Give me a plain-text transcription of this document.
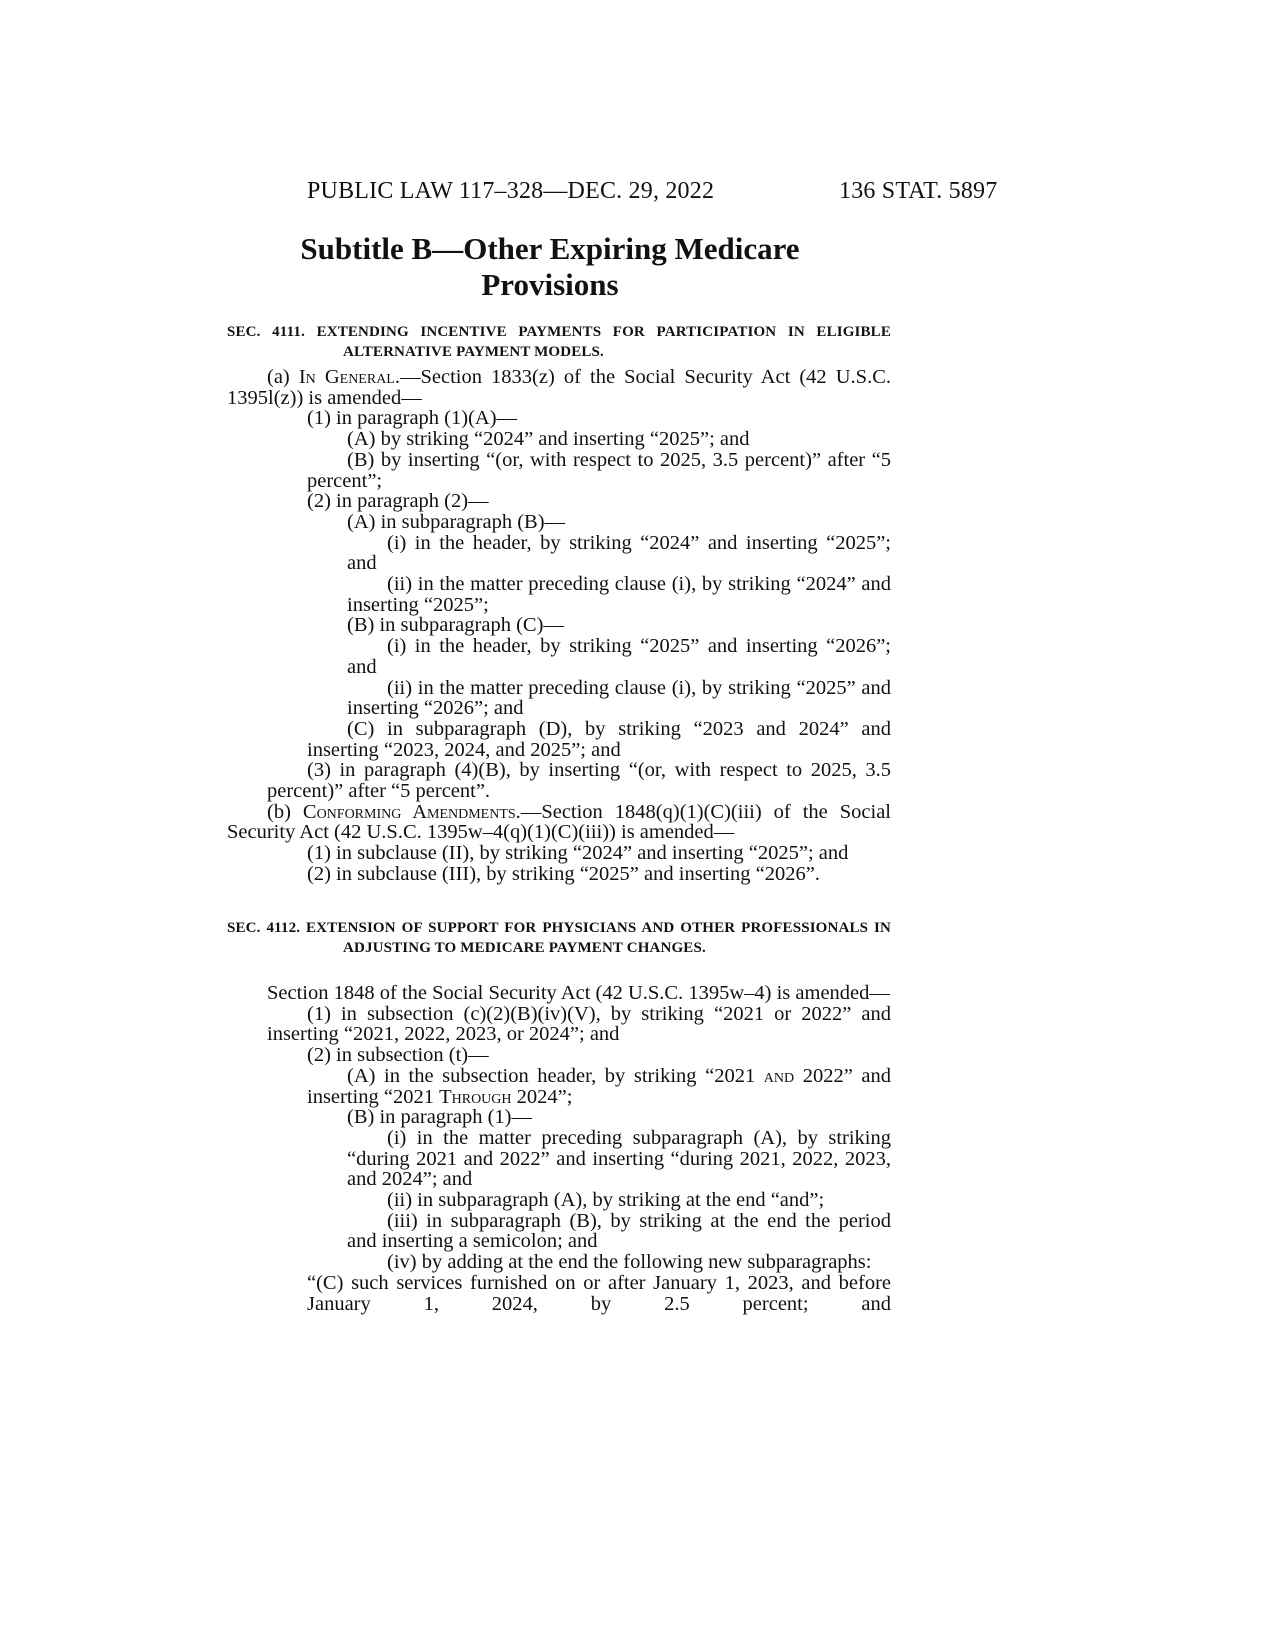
PUBLIC LAW 117–328—DEC. 29, 2022	136 STAT. 5897
Subtitle B—Other Expiring Medicare
Provisions
SEC. 4111. EXTENDING INCENTIVE PAYMENTS FOR PARTICIPATION IN ELIGIBLE ALTERNATIVE PAYMENT MODELS.

(a) In General.—Section 1833(z) of the Social Security Act (42 U.S.C. 1395l(z)) is amended—

(1) in paragraph (1)(A)—

(A) by striking “2024” and inserting “2025”; and

(B) by inserting “(or, with respect to 2025, 3.5 percent)” after “5 percent”;

(2) in paragraph (2)—

(A) in subparagraph (B)—

(i) in the header, by striking “2024” and inserting “2025”; and

(ii) in the matter preceding clause (i), by striking “2024” and inserting “2025”;

(B) in subparagraph (C)—

(i) in the header, by striking “2025” and inserting “2026”; and

(ii) in the matter preceding clause (i), by striking “2025” and inserting “2026”; and

(C) in subparagraph (D), by striking “2023 and 2024” and inserting “2023, 2024, and 2025”; and

(3) in paragraph (4)(B), by inserting “(or, with respect to 2025, 3.5 percent)” after “5 percent”.

(b) Conforming Amendments.—Section 1848(q)(1)(C)(iii) of the Social Security Act (42 U.S.C. 1395w–4(q)(1)(C)(iii)) is amended—

(1) in subclause (II), by striking “2024” and inserting “2025”; and

(2) in subclause (III), by striking “2025” and inserting “2026”.

SEC. 4112. EXTENSION OF SUPPORT FOR PHYSICIANS AND OTHER PROFESSIONALS IN ADJUSTING TO MEDICARE PAYMENT CHANGES.

Section 1848 of the Social Security Act (42 U.S.C. 1395w–4) is amended—

(1) in subsection (c)(2)(B)(iv)(V), by striking “2021 or 2022” and inserting “2021, 2022, 2023, or 2024”; and

(2) in subsection (t)—

(A) in the subsection header, by striking “2021 and 2022” and inserting “2021 Through 2024”;

(B) in paragraph (1)—

(i) in the matter preceding subparagraph (A), by striking “during 2021 and 2022” and inserting “during 2021, 2022, 2023, and 2024”; and

(ii) in subparagraph (A), by striking at the end “and”;

(iii) in subparagraph (B), by striking at the end the period and inserting a semicolon; and

(iv) by adding at the end the following new subparagraphs:

“(C) such services furnished on or after January 1, 2023, and before January 1, 2024, by 2.5 percent; and
